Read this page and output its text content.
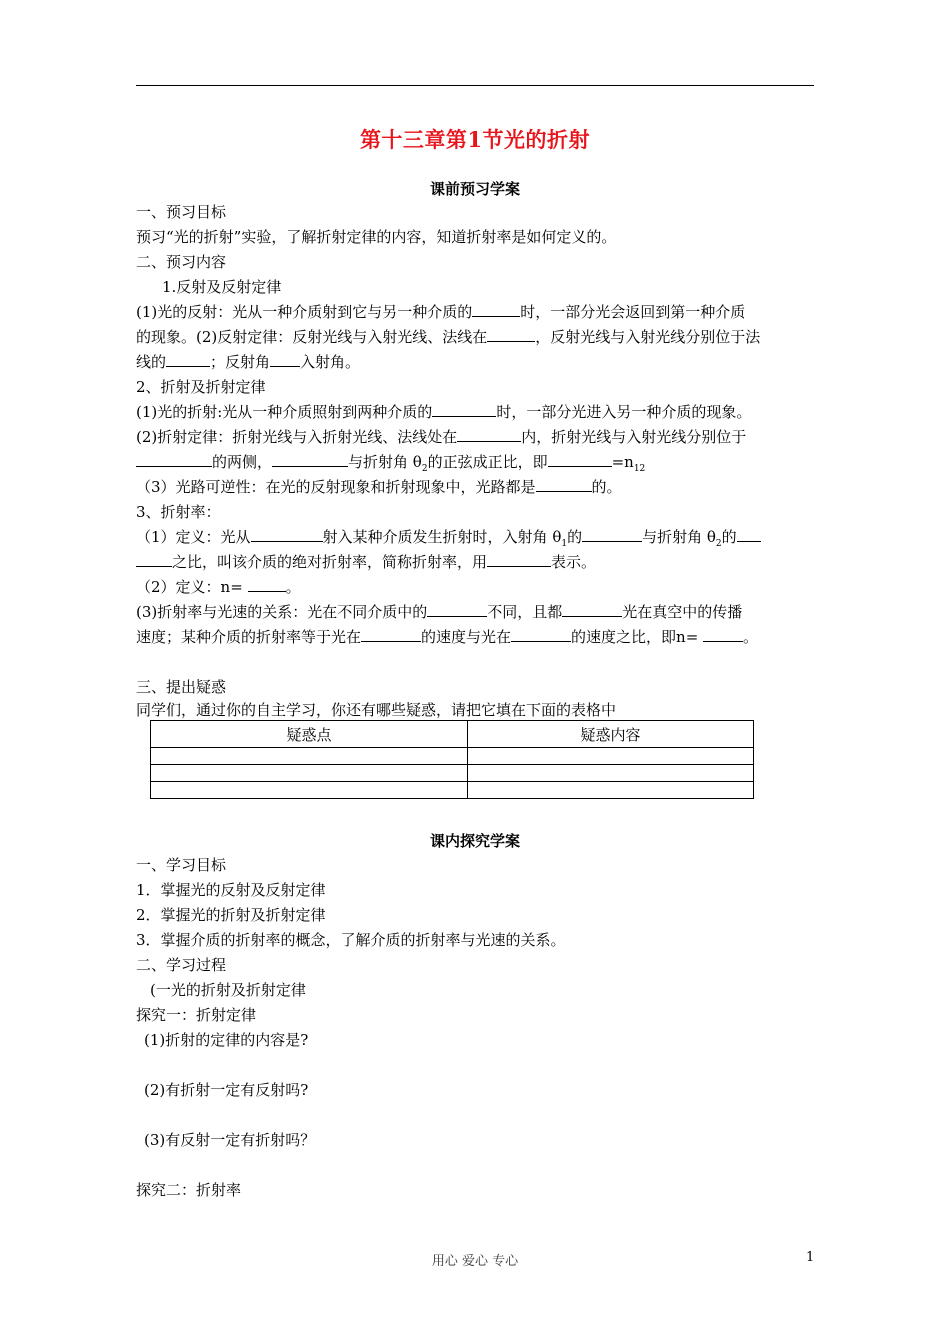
第十三章第1节光的折射
课前预习学案
一、预习目标
预习“光的折射”实验，了解折射定律的内容，知道折射率是如何定义的。
二、预习内容
1.反射及反射定律
(1)光的反射：光从一种介质射到它与另一种介质的	时，一部分光会返回到第一种介质
的现象。(2)反射定律：反射光线与入射光线、法线在	，反射光线与入射光线分别位于法
线的	；反射角 入射角。
2、折射及折射定律
(1)光的折射:光从一种介质照射到两种介质的	时，一部分光进入另一种介质的现象。
(2)折射定律：折射光线与入折射光线、法线处在	内，折射光线与入射光线分别位于
的两侧，	与折射角 $\theta_2$的正弦成正比，即	$=n_{12}$
（3）光路可逆性：在光的反射现象和折射现象中，光路都是	的。
3、折射率：
（1）定义：光从	射入某种介质发生折射时，入射角 $\theta_1$的	与折射角 $\theta_2$的
之比，叫该介质的绝对折射率，简称折射率，用	表示。
（2）定义：n=	。
(3)折射率与光速的关系：光在不同介质中的	不同，且都	光在真空中的传播
速度；某种介质的折射率等于光在	的速度与光在	的速度之比，即n=	。
三、提出疑惑
同学们，通过你的自主学习，你还有哪些疑惑，请把它填在下面的表格中
疑惑点	疑惑内容

课内探究学案
一、学习目标
1．掌握光的反射及反射定律
2．掌握光的折射及折射定律
3．掌握介质的折射率的概念，了解介质的折射率与光速的关系。
二、学习过程
(一光的折射及折射定律
探究一：折射定律
(1)折射的定律的内容是?
(2)有折射一定有反射吗?
(3)有反射一定有折射吗？
探究二：折射率
用心 爱心 专心	1
